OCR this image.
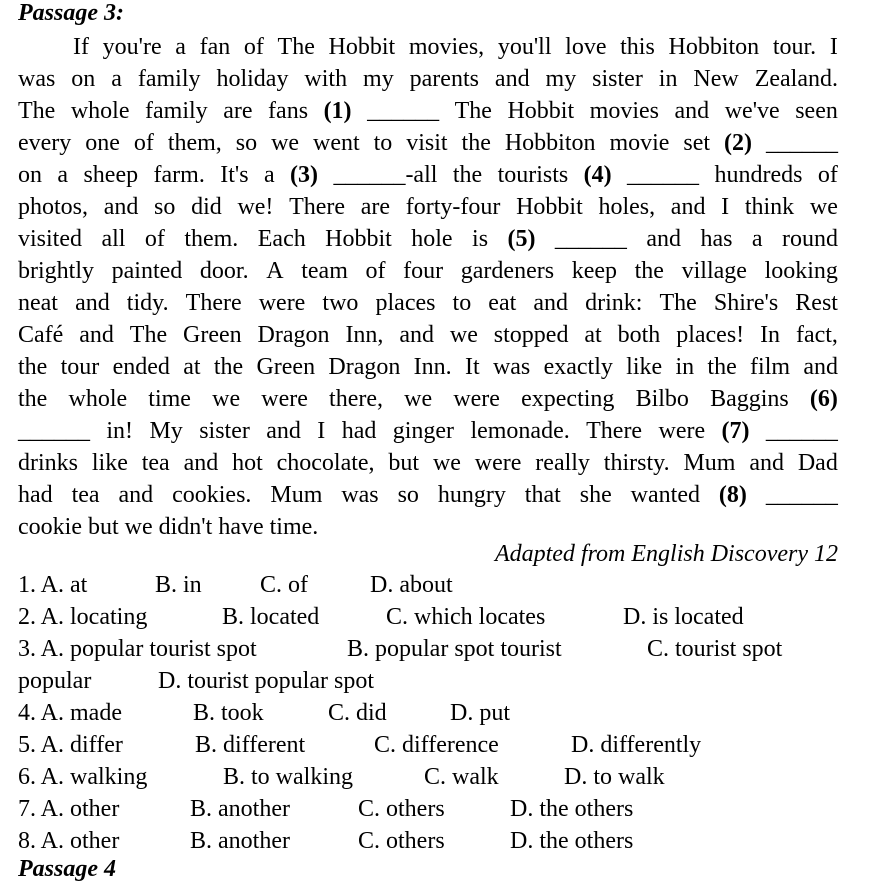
Passage 3:
If you're a fan of The Hobbit movies, you'll love this Hobbiton tour. I
was on a family holiday with my parents and my sister in New Zealand.
The whole family are fans (1) ______ The Hobbit movies and we've seen
every one of them, so we went to visit the Hobbiton movie set (2) ______
on a sheep farm. It's a (3) ______-all the tourists (4) ______ hundreds of
photos, and so did we! There are forty-four Hobbit holes, and I think we
visited all of them. Each Hobbit hole is (5) ______ and has a round
brightly painted door. A team of four gardeners keep the village looking
neat and tidy. There were two places to eat and drink: The Shire's Rest
Café and The Green Dragon Inn, and we stopped at both places! In fact,
the tour ended at the Green Dragon Inn. It was exactly like in the film and
the whole time we were there, we were expecting Bilbo Baggins (6)
______ in! My sister and I had ginger lemonade. There were (7) ______
drinks like tea and hot chocolate, but we were really thirsty. Mum and Dad
had tea and cookies. Mum was so hungry that she wanted (8) ______
cookie but we didn't have time.
Adapted from English Discovery 12
1. A. at	B. in C. of	D. about
2. A. locating	B. located	C. which locates	D. is located
3. A. popular tourist spot	B. popular spot tourist	C. tourist spot
popular	D. tourist popular spot
4. A. made	B. took	C. did	D. put
5. A. differ	B. different	C. difference	D. differently
6. A. walking	B. to walking	C. walk	D. to walk
7. A. other	B. another	C. others	D. the others
8. A. other	B. another	C. others	D. the others
Passage 4
